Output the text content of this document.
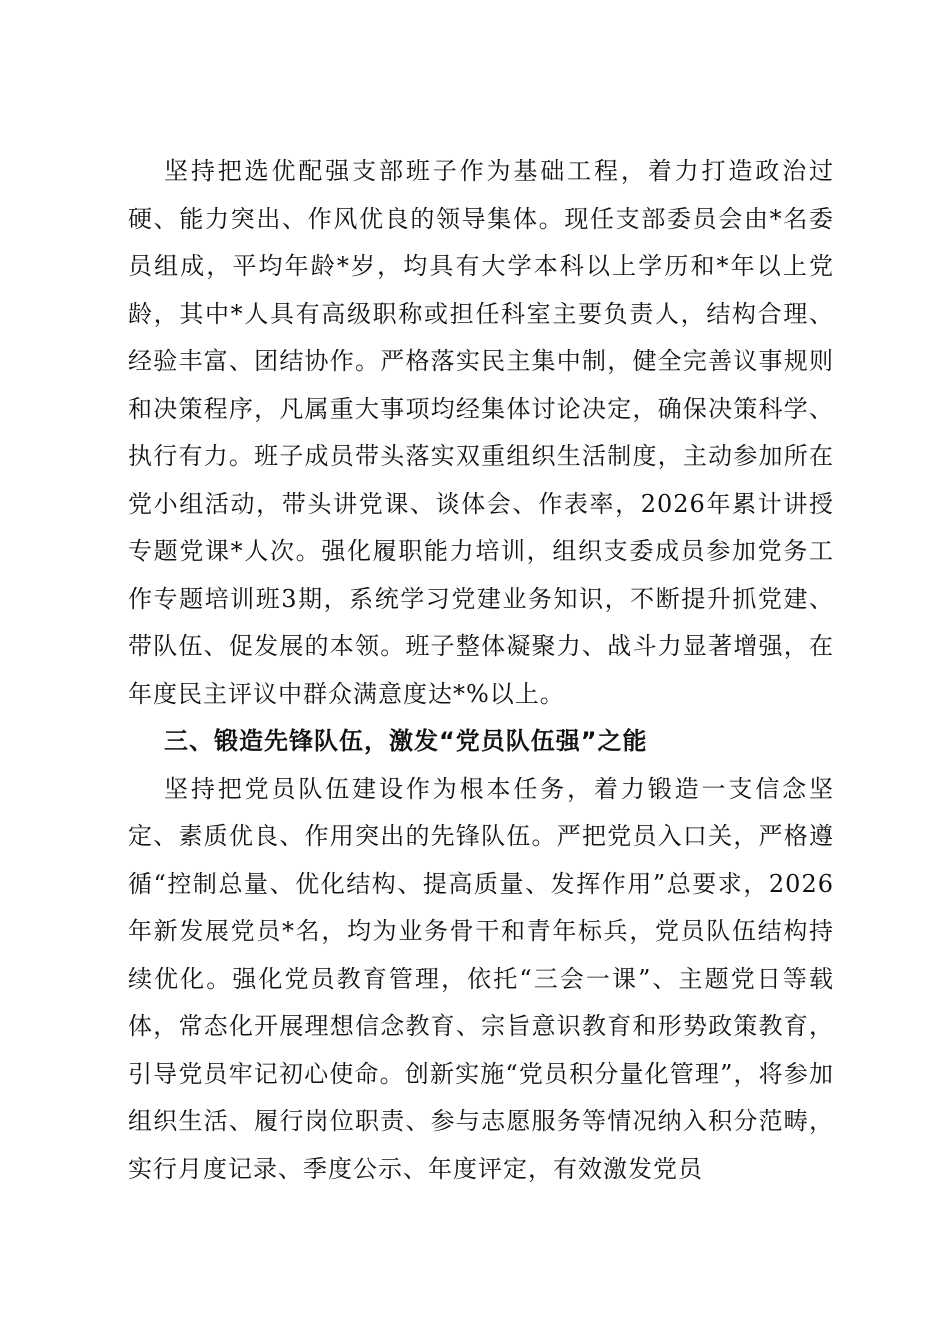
坚持把选优配强支部班子作为基础工程，着力打造政治过硬、能力突出、作风优良的领导集体。现任支部委员会由*名委员组成，平均年龄*岁，均具有大学本科以上学历和*年以上党龄，其中*人具有高级职称或担任科室主要负责人，结构合理、经验丰富、团结协作。严格落实民主集中制，健全完善议事规则和决策程序，凡属重大事项均经集体讨论决定，确保决策科学、执行有力。班子成员带头落实双重组织生活制度，主动参加所在党小组活动，带头讲党课、谈体会、作表率，2026年累计讲授专题党课*人次。强化履职能力培训，组织支委成员参加党务工作专题培训班3期，系统学习党建业务知识，不断提升抓党建、带队伍、促发展的本领。班子整体凝聚力、战斗力显著增强，在年度民主评议中群众满意度达*%以上。

三、锻造先锋队伍，激发“党员队伍强”之能

坚持把党员队伍建设作为根本任务，着力锻造一支信念坚定、素质优良、作用突出的先锋队伍。严把党员入口关，严格遵循“控制总量、优化结构、提高质量、发挥作用”总要求，2026年新发展党员*名，均为业务骨干和青年标兵，党员队伍结构持续优化。强化党员教育管理，依托“三会一课”、主题党日等载体，常态化开展理想信念教育、宗旨意识教育和形势政策教育，引导党员牢记初心使命。创新实施“党员积分量化管理”，将参加组织生活、履行岗位职责、参与志愿服务等情况纳入积分范畴，实行月度记录、季度公示、年度评定，有效激发党员
